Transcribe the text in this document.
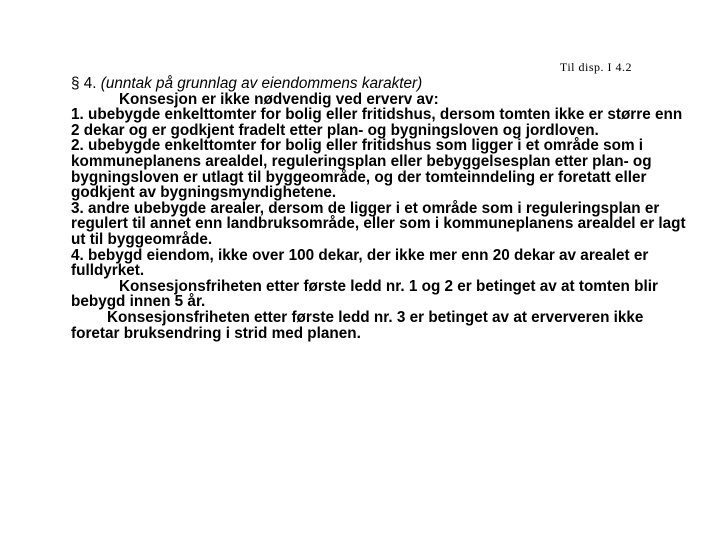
Til disp. I 4.2

§ 4. (unntak på grunnlag av eiendommens karakter)

Konsesjon er ikke nødvendig ved erverv av:

1. ubebygde enkelttomter for bolig eller fritidshus, dersom tomten ikke er større enn 2 dekar og er godkjent fradelt etter plan- og bygningsloven og jordloven.

2. ubebygde enkelttomter for bolig eller fritidshus som ligger i et område som i kommuneplanens arealdel, reguleringsplan eller bebyggelsesplan etter plan- og bygningsloven er utlagt til byggeområde, og der tomteinndeling er foretatt eller godkjent av bygningsmyndighetene.

3. andre ubebygde arealer, dersom de ligger i et område som i reguleringsplan er regulert til annet enn landbruksområde, eller som i kommuneplanens arealdel er lagt ut til byggeområde.

4. bebygd eiendom, ikke over 100 dekar, der ikke mer enn 20 dekar av arealet er fulldyrket.

Konsesjonsfriheten etter første ledd nr. 1 og 2 er betinget av at tomten blir bebygd innen 5 år.

Konsesjonsfriheten etter første ledd nr. 3 er betinget av at erververen ikke foretar bruksendring i strid med planen.
